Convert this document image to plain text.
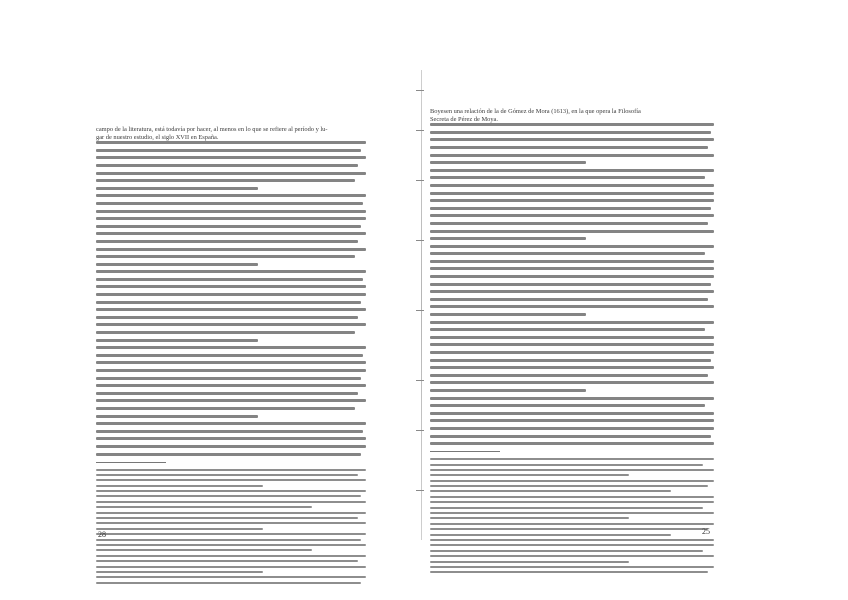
campo de la literatura, está todavía por hacer, al menos en lo que se refiere al período y lu-
gar de nuestro estudio, el siglo XVII en España.
28
Boyesen una relación de la de Gómez de Mora (1613), en la que opera la Filosofía
Secreta de Pérez de Moya.
25
